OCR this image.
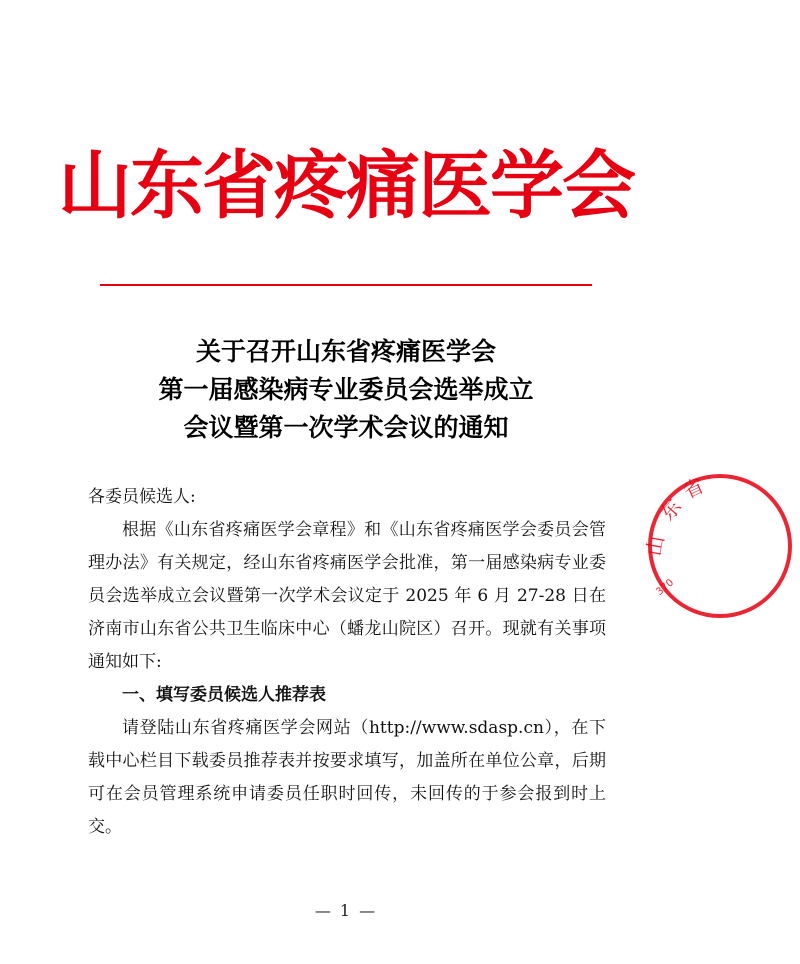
山东省疼痛医学会
关于召开山东省疼痛医学会
第一届感染病专业委员会选举成立
会议暨第一次学术会议的通知

各委员候选人:

根据《山东省疼痛医学会章程》和《山东省疼痛医学会委员会管理办法》有关规定，经山东省疼痛医学会批准，第一届感染病专业委员会选举成立会议暨第一次学术会议定于 2025 年 6 月 27-28 日在济南市山东省公共卫生临床中心（蟠龙山院区）召开。现就有关事项通知如下:

一、填写委员候选人推荐表

请登陆山东省疼痛医学会网站（http://www.sdasp.cn），在下载中心栏目下载委员推荐表并按要求填写，加盖所在单位公章，后期可在会员管理系统申请委员任职时回传，未回传的于参会报到时上交。

— 1 —
山
东
省
370
